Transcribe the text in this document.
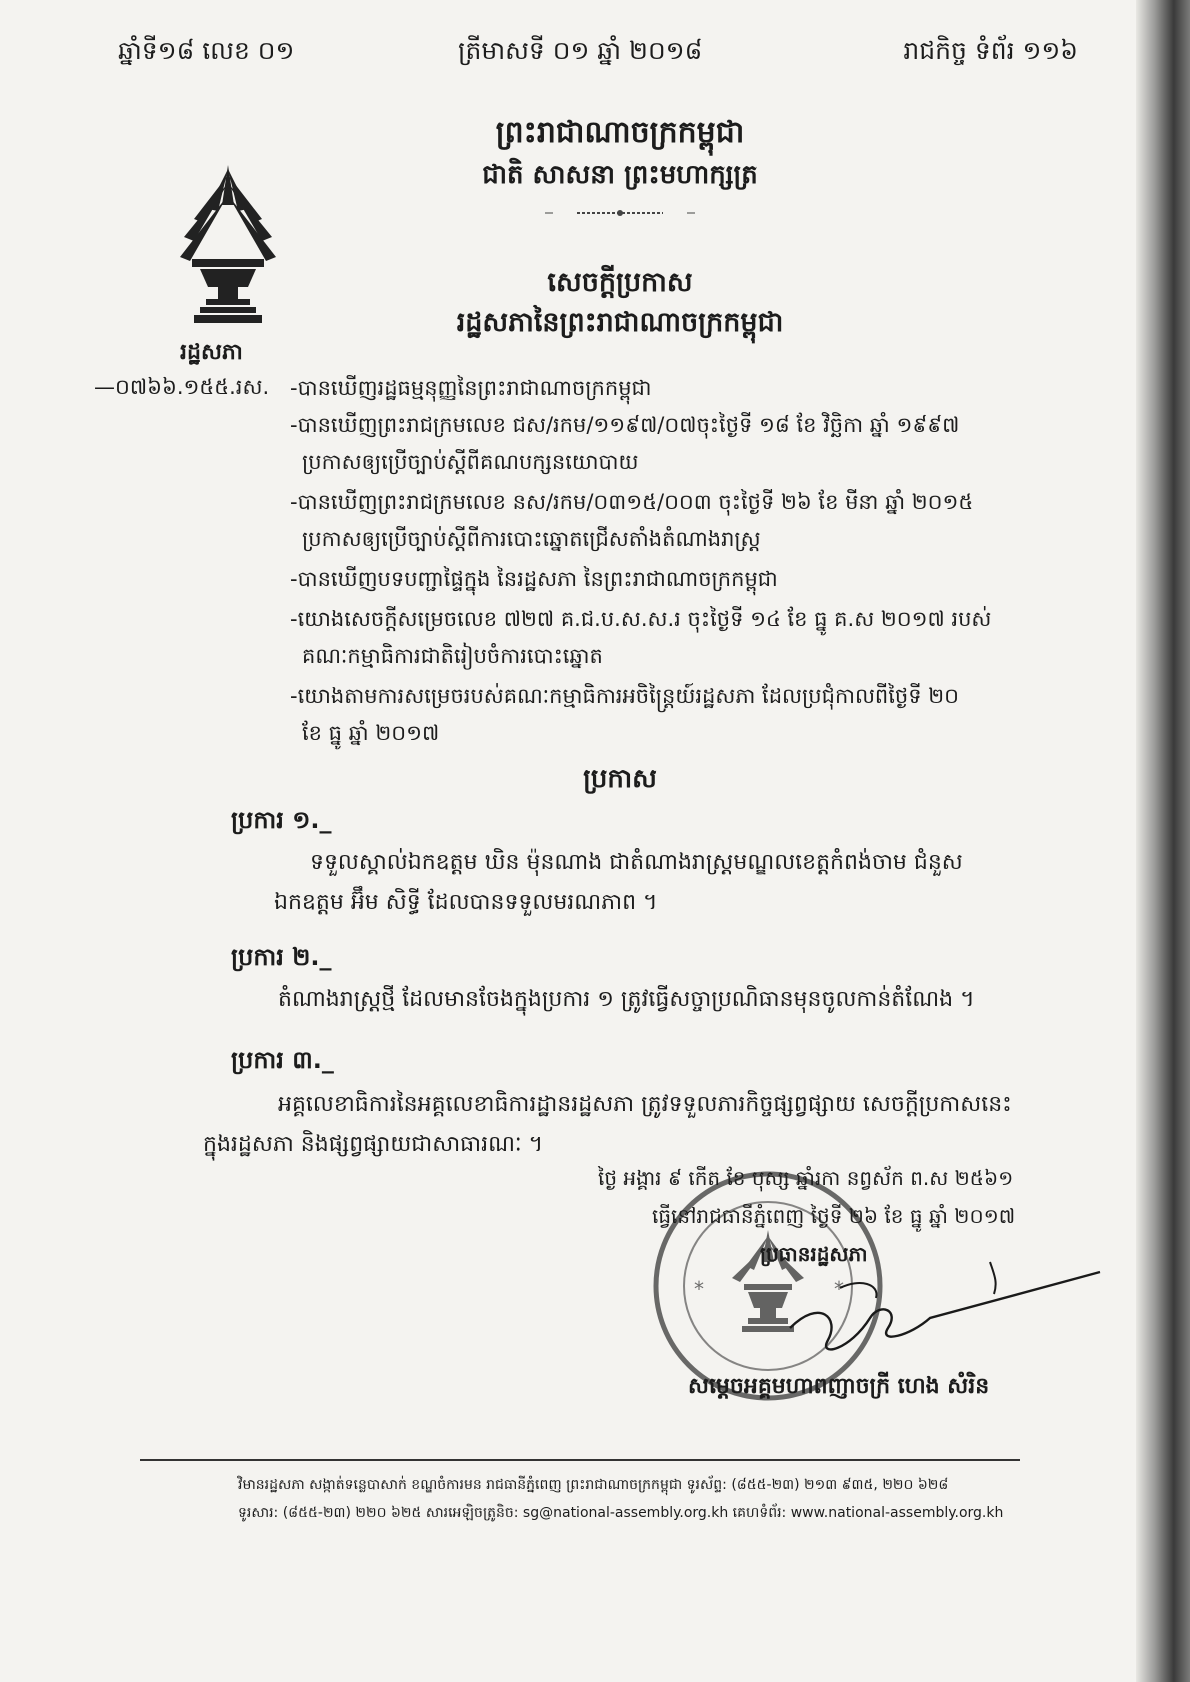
ឆ្នាំទី១៨ លេខ ០១	ត្រីមាសទី ០១ ឆ្នាំ ២០១៨	រាជកិច្ច ទំព័រ ១១៦
ព្រះរាជាណាចក្រកម្ពុជា
ជាតិ សាសនា ព្រះមហាក្សត្រ
រដ្ឋសភា
—០៧៦៦.១៥៥.រស.
សេចក្ដីប្រកាស
រដ្ឋសភានៃព្រះរាជាណាចក្រកម្ពុជា
-បានឃើញរដ្ឋធម្មនុញ្ញនៃព្រះរាជាណាចក្រកម្ពុជា
-បានឃើញព្រះរាជក្រមលេខ ជស/រកម/១១៩៧/០៧ចុះថ្ងៃទី ១៨ ខែ វិច្ឆិកា ឆ្នាំ ១៩៩៧
ប្រកាសឲ្យប្រើច្បាប់ស្ដីពីគណបក្សនយោបាយ
-បានឃើញព្រះរាជក្រមលេខ នស/រកម/០៣១៥/០០៣ ចុះថ្ងៃទី ២៦ ខែ មីនា ឆ្នាំ ២០១៥
ប្រកាសឲ្យប្រើច្បាប់ស្ដីពីការបោះឆ្នោតជ្រើសតាំងតំណាងរាស្ត្រ
-បានឃើញបទបញ្ជាផ្ទៃក្នុង នៃរដ្ឋសភា នៃព្រះរាជាណាចក្រកម្ពុជា
-យោងសេចក្ដីសម្រេចលេខ ៧២៧ គ.ជ.ប.ស.ស.រ ចុះថ្ងៃទី ១៤ ខែ ធ្នូ គ.ស ២០១៧ របស់
គណៈកម្មាធិការជាតិរៀបចំការបោះឆ្នោត
-យោងតាមការសម្រេចរបស់គណៈកម្មាធិការអចិន្ត្រៃយ៍រដ្ឋសភា ដែលប្រជុំកាលពីថ្ងៃទី ២០
ខែ ធ្នូ ឆ្នាំ ២០១៧
ប្រកាស
ប្រការ ១._
ទទួលស្គាល់ឯកឧត្តម ឃិន ម៉ុនណាង ជាតំណាងរាស្ត្រមណ្ឌលខេត្តកំពង់ចាម ជំនួស
ឯកឧត្តម អ៊ឹម សិទ្ធី ដែលបានទទួលមរណភាព ។
ប្រការ ២._
តំណាងរាស្ត្រថ្មី ដែលមានចែងក្នុងប្រការ ១ ត្រូវធ្វើសច្ចាប្រណិធានមុនចូលកាន់តំណែង ។
ប្រការ ៣._
អគ្គលេខាធិការនៃអគ្គលេខាធិការដ្ឋានរដ្ឋសភា ត្រូវទទួលភារកិច្ចផ្សព្វផ្សាយ សេចក្ដីប្រកាសនេះ
ក្នុងរដ្ឋសភា និងផ្សព្វផ្សាយជាសាធារណៈ ។
*	*
ថ្ងៃ អង្គារ ៩ កើត ខែ បុស្ស ឆ្នាំរកា នព្វស័ក ព.ស ២៥៦១
ធ្វើនៅរាជធានីភ្នំពេញ ថ្ងៃទី ២៦ ខែ ធ្នូ ឆ្នាំ ២០១៧
ប្រធានរដ្ឋសភា
សម្ដេចអគ្គមហាពញាចក្រី ហេង សំរិន
វិមានរដ្ឋសភា សង្កាត់ទន្លេបាសាក់ ខណ្ឌចំការមន រាជធានីភ្នំពេញ ព្រះរាជាណាចក្រកម្ពុជា ទូរស័ព្ទ: (៨៥៥-២៣) ២១៣ ៩៣៥, ២២០ ៦២៨
ទូរសារ: (៨៥៥-២៣) ២២០ ៦២៥ សារអេឡិចត្រូនិច: sg@national-assembly.org.kh គេហទំព័រ: www.national-assembly.org.kh
